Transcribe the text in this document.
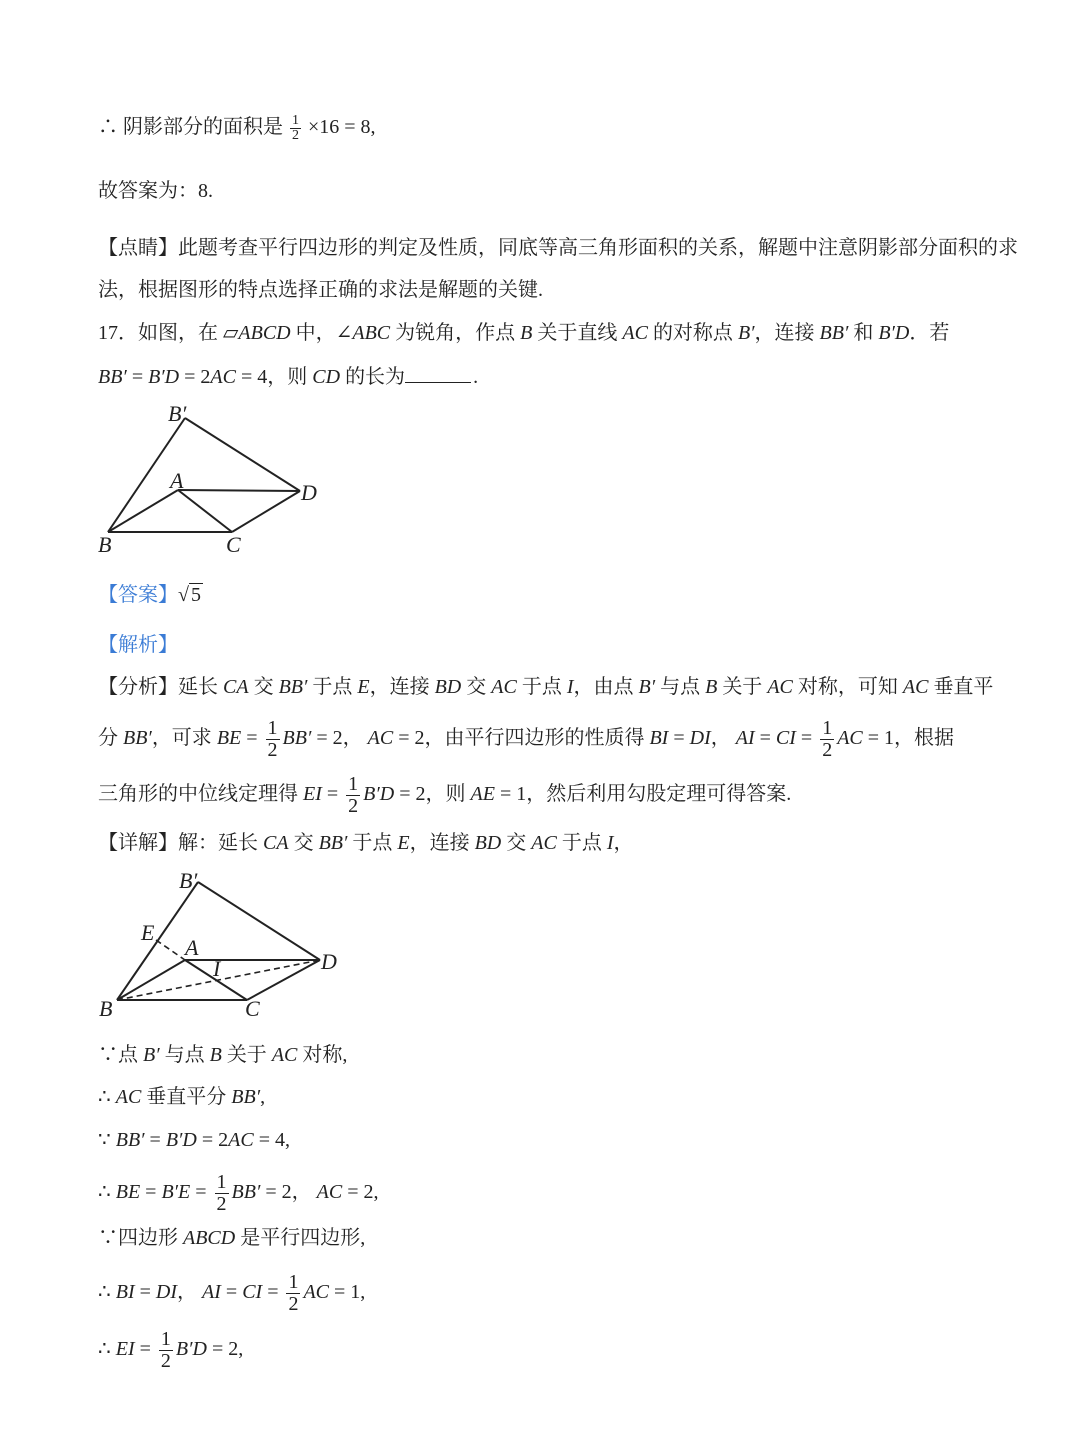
∴ 阴影部分的面积是 $\frac{1}{2} \times 16 = 8$,
故答案为：8.
【点睛】此题考查平行四边形的判定及性质，同底等高三角形面积的关系，解题中注意阴影部分面积的求
法，根据图形的特点选择正确的求法是解题的关键.
17．如图，在 ▱ABCD 中，∠ABC 为锐角，作点 B 关于直线 AC 的对称点 B′，连接 BB′ 和 B′D．若
BB′ = B′D = 2AC = 4，则 CD 的长为	.
B′
A	D
B	C
【答案】√ 5
【解析】
【分析】延长 CA 交 BB′ 于点 E，连接 BD 交 AC 于点 I，由点 B′ 与点 B 关于 AC 对称，可知 AC 垂直平
分 BB′，可求 BE = $\frac{1}{2} BB' = 2$， AC = 2，由平行四边形的性质得 BI = DI， AI = CI = $\frac{1}{2}$ AC = 1，根据
三角形的中位线定理得 EI = $\frac{1}{2} B'D = 2$，则 AE = 1，然后利用勾股定理可得答案.
【详解】解：延长 CA 交 BB′ 于点 E，连接 BD 交 AC 于点 I，
B′
E
A
I	D
B	C
∵点 B′ 与点 B 关于 AC 对称,
∴ AC 垂直平分 BB′,
∵ BB′ = B′D = 2AC = 4,
∴ BE = $B'E = \frac{1}{2} BB' = 2$， AC = 2,
∵四边形 ABCD 是平行四边形,
∴ BI = DI， AI = CI = $\frac{1}{2}$ AC = 1,
∴ EI = $\frac{1}{2} B'D = 2$,
